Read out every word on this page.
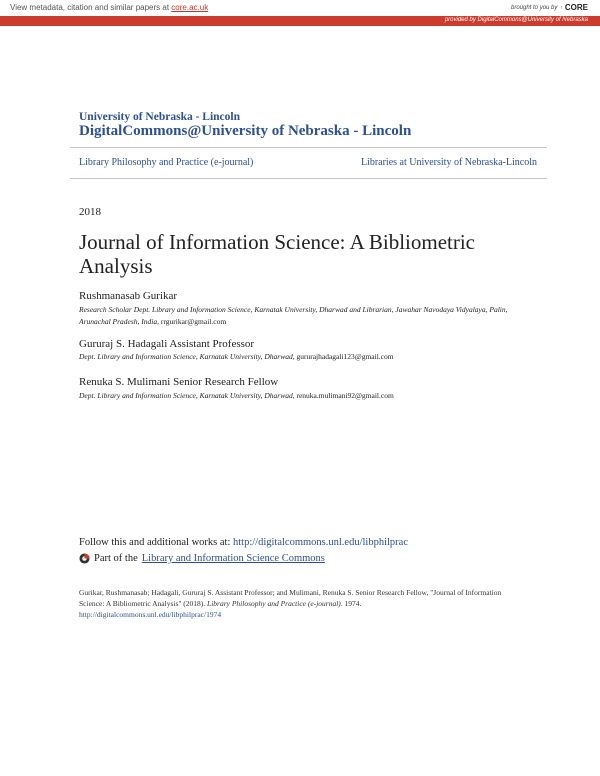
View metadata, citation and similar papers at core.ac.uk	brought to you by ↑ CORE
provided by DigitalCommons@University of Nebraska
University of Nebraska - Lincoln
DigitalCommons@University of Nebraska - Lincoln
Library Philosophy and Practice (e-journal)	Libraries at University of Nebraska-Lincoln
2018
Journal of Information Science: A Bibliometric Analysis
Rushmanasab Gurikar
Research Scholar Dept. Library and Information Science, Karnatak University, Dharwad and Librarian, Jawahar Navodaya Vidyalaya, Palin, Arunachal Pradesh, India, rrgurikar@gmail.com
Gururaj S. Hadagali Assistant Professor
Dept. Library and Information Science, Karnatak University, Dharwad, gururajhadagali123@gmail.com
Renuka S. Mulimani Senior Research Fellow
Dept. Library and Information Science, Karnatak University, Dharwad, renuka.mulimani92@gmail.com
Follow this and additional works at: http://digitalcommons.unl.edu/libphilprac
Part of the Library and Information Science Commons
Gurikar, Rushmanasab; Hadagali, Gururaj S. Assistant Professor; and Mulimani, Renuka S. Senior Research Fellow, "Journal of Information Science: A Bibliometric Analysis" (2018). Library Philosophy and Practice (e-journal). 1974.
http://digitalcommons.unl.edu/libphilprac/1974
